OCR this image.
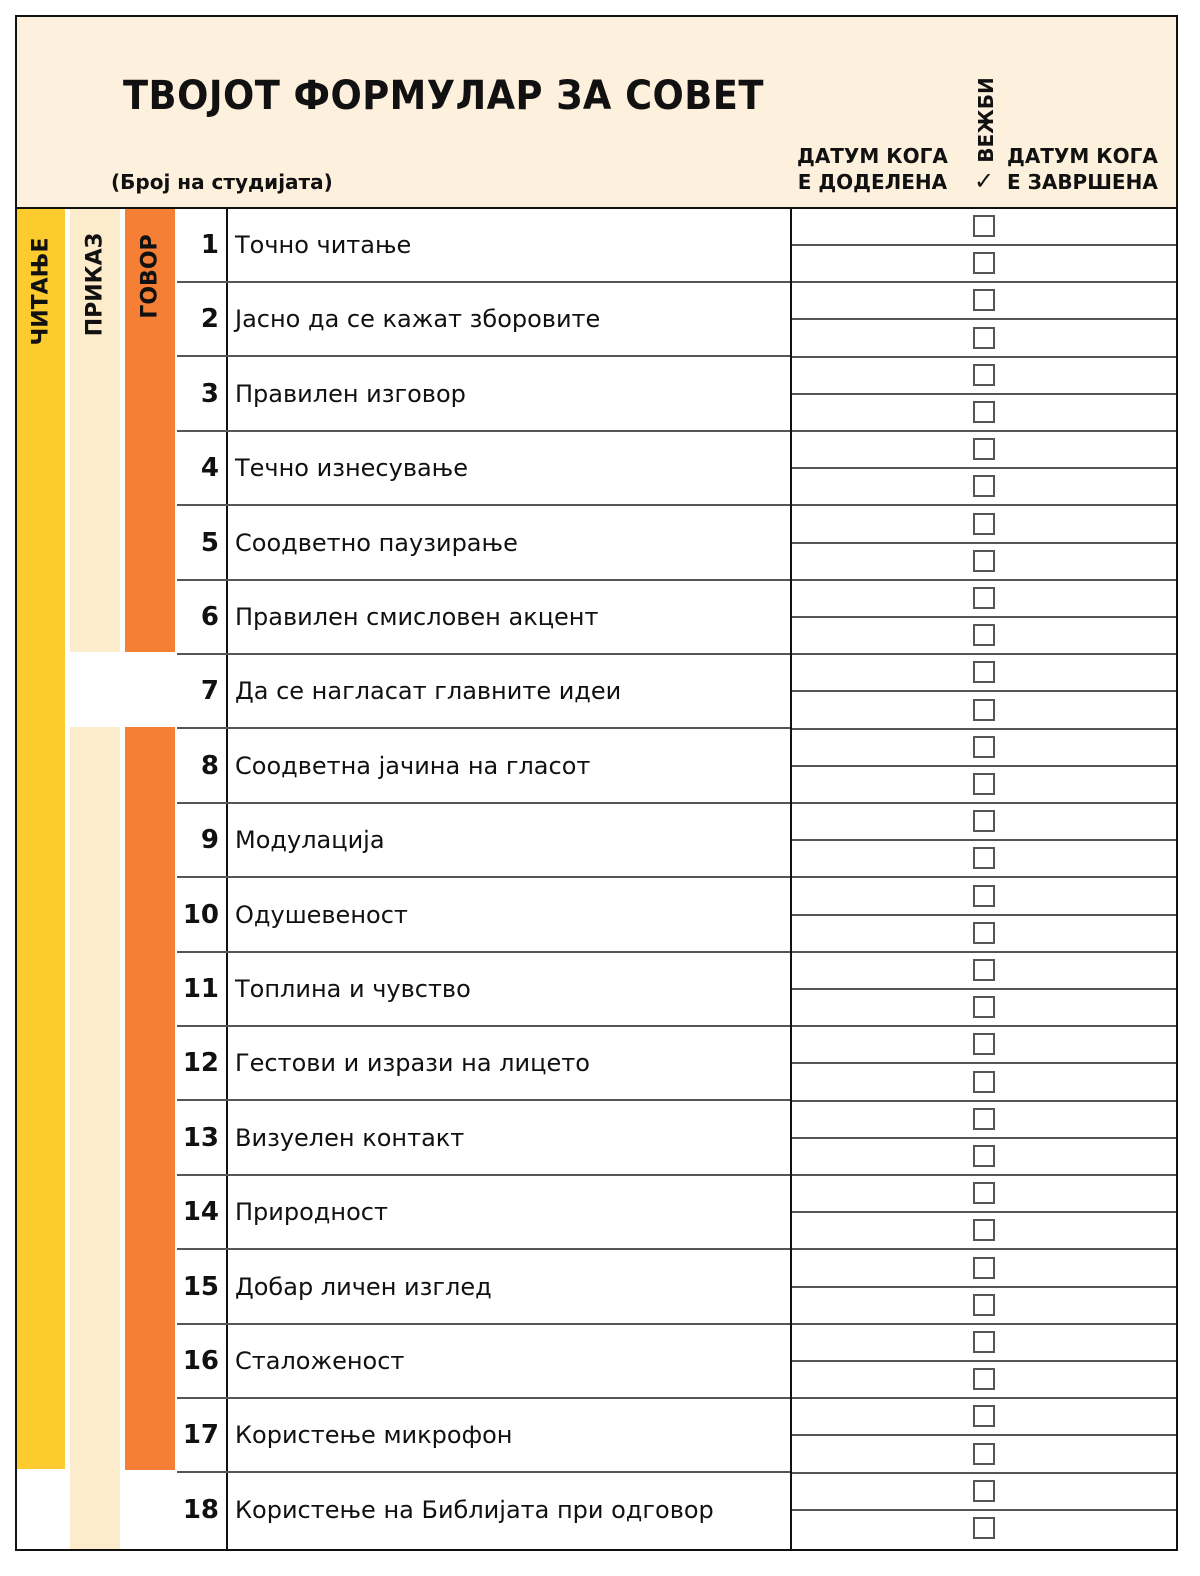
ТВОЈОТ ФОРМУЛАР ЗА СОВЕТ
(Број на студијата)
ДАТУМ КОГА
Е ДОДЕЛЕНА
ВЕЖБИ
✓
ДАТУМ КОГА
Е ЗАВРШЕНА
ЧИТАЊЕ ПРИКАЗ ГОВОР	1 Точно читање
2 Јасно да се кажат зборовите
3 Правилен изговор
4 Течно изнесување
5 Соодветно паузирање
6 Правилен смисловен акцент
7 Да се нагласат главните идеи
8 Соодветна јачина на гласот
9 Модулација
10 Одушевеност
11 Топлина и чувство
12 Гестови и изрази на лицето
13 Визуелен контакт
14 Природност
15 Добар личен изглед
16 Сталоженост
17 Користење микрофон
18 Користење на Библијата при одговор
